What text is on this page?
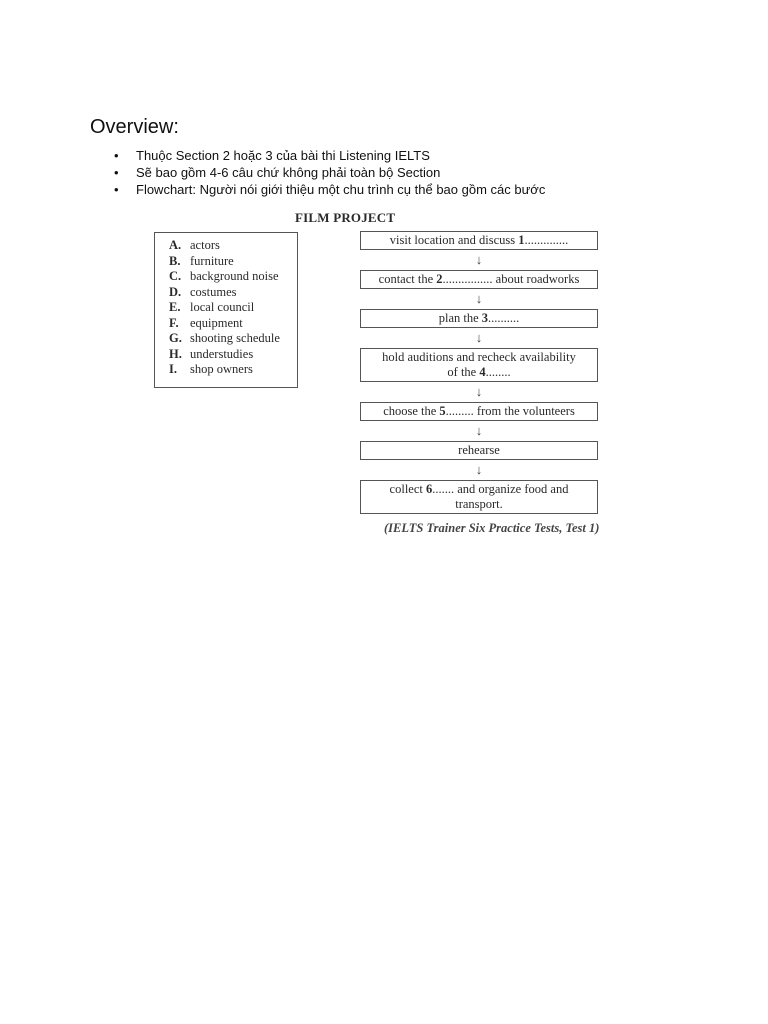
Overview:
• Thuộc Section 2 hoặc 3 của bài thi Listening IELTS
• Sẽ bao gồm 4-6 câu chứ không phải toàn bộ Section
• Flowchart: Người nói giới thiệu một chu trình cụ thể bao gồm các bước
FILM PROJECT
A. actors
B. furniture
C. background noise
D. costumes
E. local council
F. equipment
G. shooting schedule
H. understudies
I. shop owners
visit location and discuss 1..............
↓
contact the 2................ about roadworks
↓
plan the 3..........
↓
hold auditions and recheck availability
of the 4........
↓
choose the 5......... from the volunteers
↓
rehearse
↓
collect 6....... and organize food and
transport.
(IELTS Trainer Six Practice Tests, Test 1)
